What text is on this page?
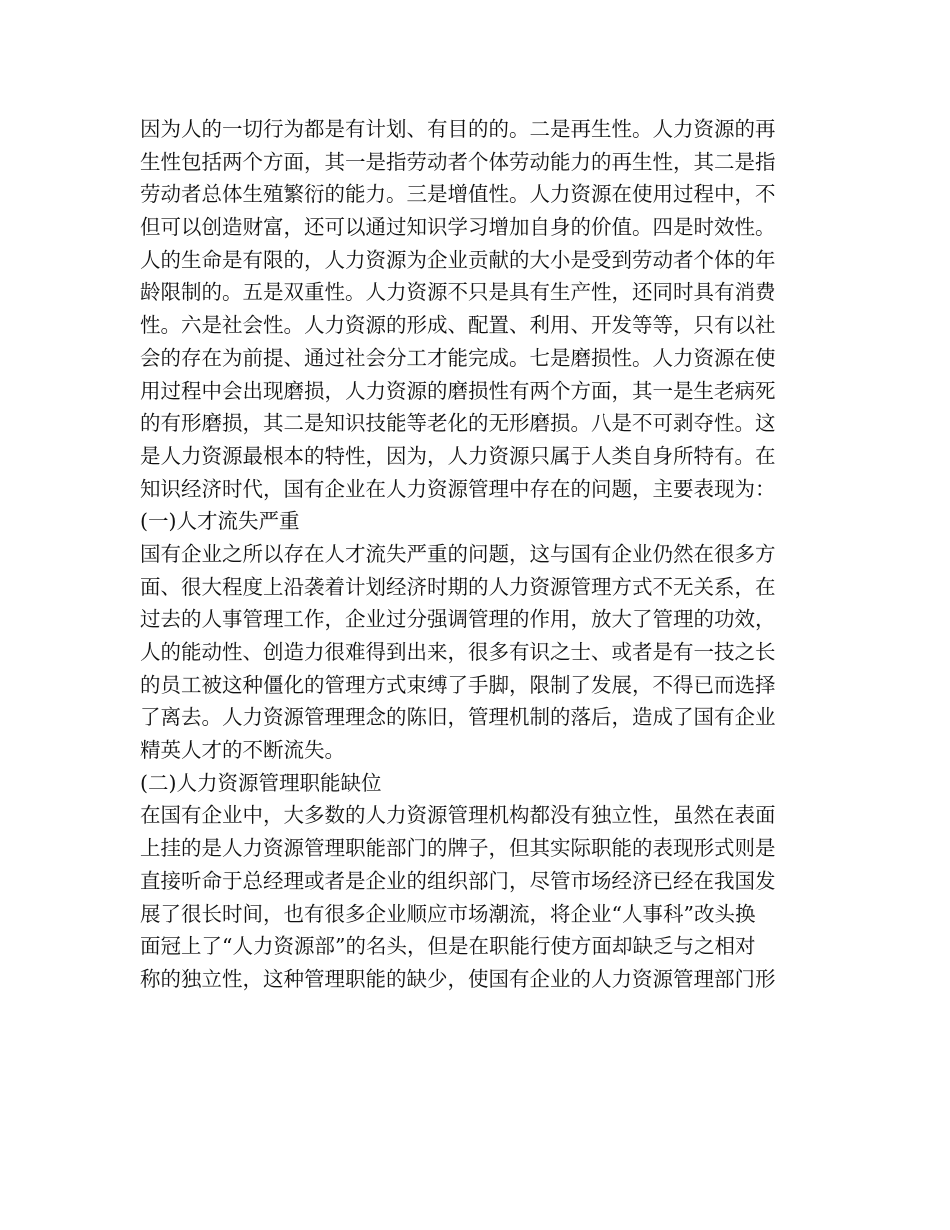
因为人的一切行为都是有计划、有目的的。二是再生性。人力资源的再
生性包括两个方面，其一是指劳动者个体劳动能力的再生性，其二是指
劳动者总体生殖繁衍的能力。三是增值性。人力资源在使用过程中，不
但可以创造财富，还可以通过知识学习增加自身的价值。四是时效性。
人的生命是有限的，人力资源为企业贡献的大小是受到劳动者个体的年
龄限制的。五是双重性。人力资源不只是具有生产性，还同时具有消费
性。六是社会性。人力资源的形成、配置、利用、开发等等，只有以社
会的存在为前提、通过社会分工才能完成。七是磨损性。人力资源在使
用过程中会出现磨损，人力资源的磨损性有两个方面，其一是生老病死
的有形磨损，其二是知识技能等老化的无形磨损。八是不可剥夺性。这
是人力资源最根本的特性，因为，人力资源只属于人类自身所特有。在
知识经济时代，国有企业在人力资源管理中存在的问题，主要表现为：
(一)人才流失严重
国有企业之所以存在人才流失严重的问题，这与国有企业仍然在很多方
面、很大程度上沿袭着计划经济时期的人力资源管理方式不无关系，在
过去的人事管理工作，企业过分强调管理的作用，放大了管理的功效，
人的能动性、创造力很难得到出来，很多有识之士、或者是有一技之长
的员工被这种僵化的管理方式束缚了手脚，限制了发展，不得已而选择
了离去。人力资源管理理念的陈旧，管理机制的落后，造成了国有企业
精英人才的不断流失。
(二)人力资源管理职能缺位
在国有企业中，大多数的人力资源管理机构都没有独立性，虽然在表面
上挂的是人力资源管理职能部门的牌子，但其实际职能的表现形式则是
直接听命于总经理或者是企业的组织部门，尽管市场经济已经在我国发
展了很长时间，也有很多企业顺应市场潮流，将企业“人事科”改头换
面冠上了“人力资源部”的名头，但是在职能行使方面却缺乏与之相对
称的独立性，这种管理职能的缺少，使国有企业的人力资源管理部门形
